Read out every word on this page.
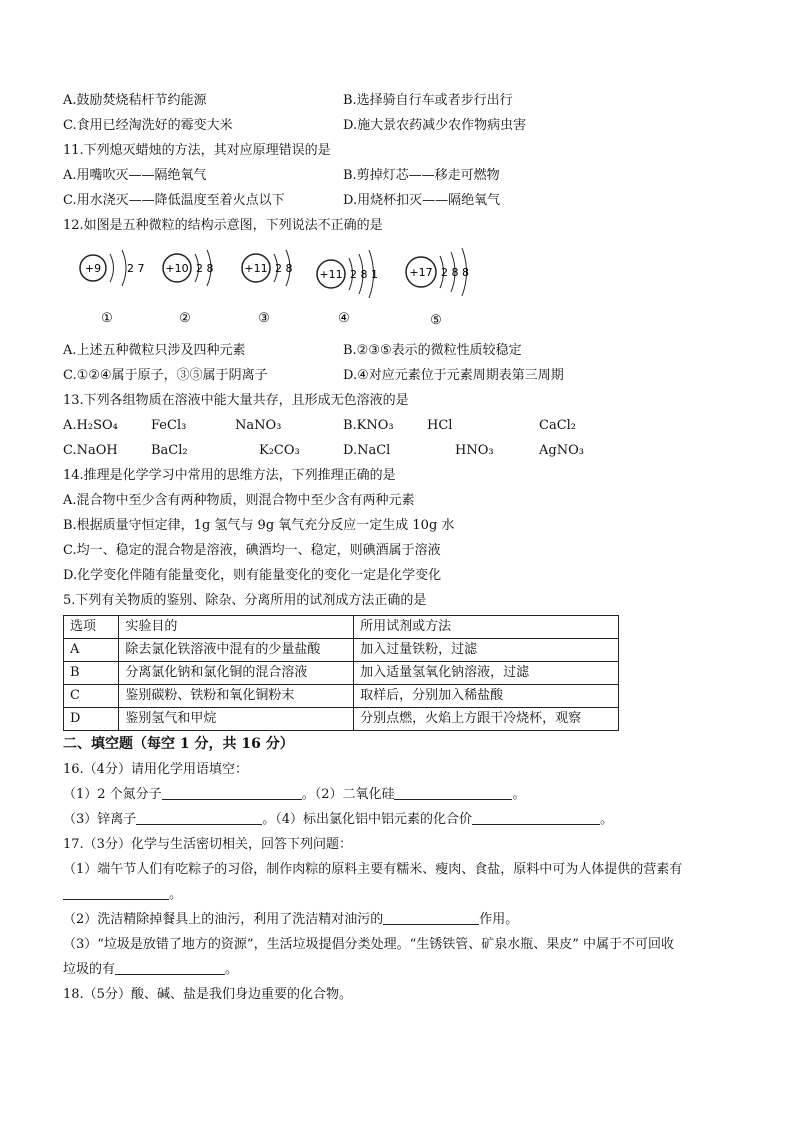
A.鼓励焚烧秸杆节约能源	B.选择骑自行车或者步行出行
C.食用已经淘洗好的霉变大米	D.施大景农药减少农作物病虫害
11.下列熄灭蜡烛的方法，其对应原理错误的是
A.用嘴吹灭——隔绝氧气	B.剪掉灯芯——移走可燃物
C.用水浇灭——降低温度至着火点以下	D.用烧杯扣灭——隔绝氧气
12.如图是五种微粒的结构示意图，下列说法不正确的是
+9 2 7
①
+10 2 8
②
+11 2 8
③
+11 2 8 1
④
+17 2 8 8
⑤
A.上述五种微粒只涉及四种元素	B.②③⑤表示的微粒性质较稳定
C.①②④属于原子，③⑤属于阴离子	D.④对应元素位于元素周期表第三周期
13.下列各组物质在溶液中能大量共存，且形成无色溶液的是
A.H₂SO₄	FeCl₃	NaNO₃	B.KNO₃	HCl	CaCl₂
C.NaOH	BaCl₂	K₂CO₃	D.NaCl	HNO₃	AgNO₃
14.推理是化学学习中常用的思维方法，下列推理正确的是
A.混合物中至少含有两种物质，则混合物中至少含有两种元素
B.根据质量守恒定律，1g 氢气与 9g 氧气充分反应一定生成 10g 水
C.均一、稳定的混合物是溶液，碘酒均一、稳定，则碘酒属于溶液
D.化学变化伴随有能量变化，则有能量变化的变化一定是化学变化
5.下列有关物质的鉴别、除杂、分离所用的试剂成方法正确的是
选项	实验目的	所用试剂或方法
A	除去氯化铁溶液中混有的少量盐酸	加入过量铁粉，过滤
B	分离氯化钠和氯化铜的混合溶液	加入适量氢氧化钠溶液，过滤
C	鉴别碳粉、铁粉和氧化铜粉末	取样后，分别加入稀盐酸
D	鉴别氢气和甲烷	分别点燃，火焰上方跟干冷烧杯，观察
二、填空题（每空 1 分，共 16 分）
16.（4分）请用化学用语填空：
（1）2 个氮分子	。（2）二氧化硅	。
（3）锌离子	。（4）标出氯化铝中铝元素的化合价	。
17.（3分）化学与生活密切相关，回答下列问题：
（1）端午节人们有吃粽子的习俗，制作肉粽的原料主要有糯米、瘦肉、食盐，原料中可为人体提供的营素有
。
（2）洗洁精除掉餐具上的油污，利用了洗洁精对油污的	作用。
（3）“垃圾是放错了地方的资源”，生活垃圾提倡分类处理。“生锈铁管、矿泉水瓶、果皮” 中属于不可回收
垃圾的有	。
18.（5分）酸、碱、盐是我们身边重要的化合物。
